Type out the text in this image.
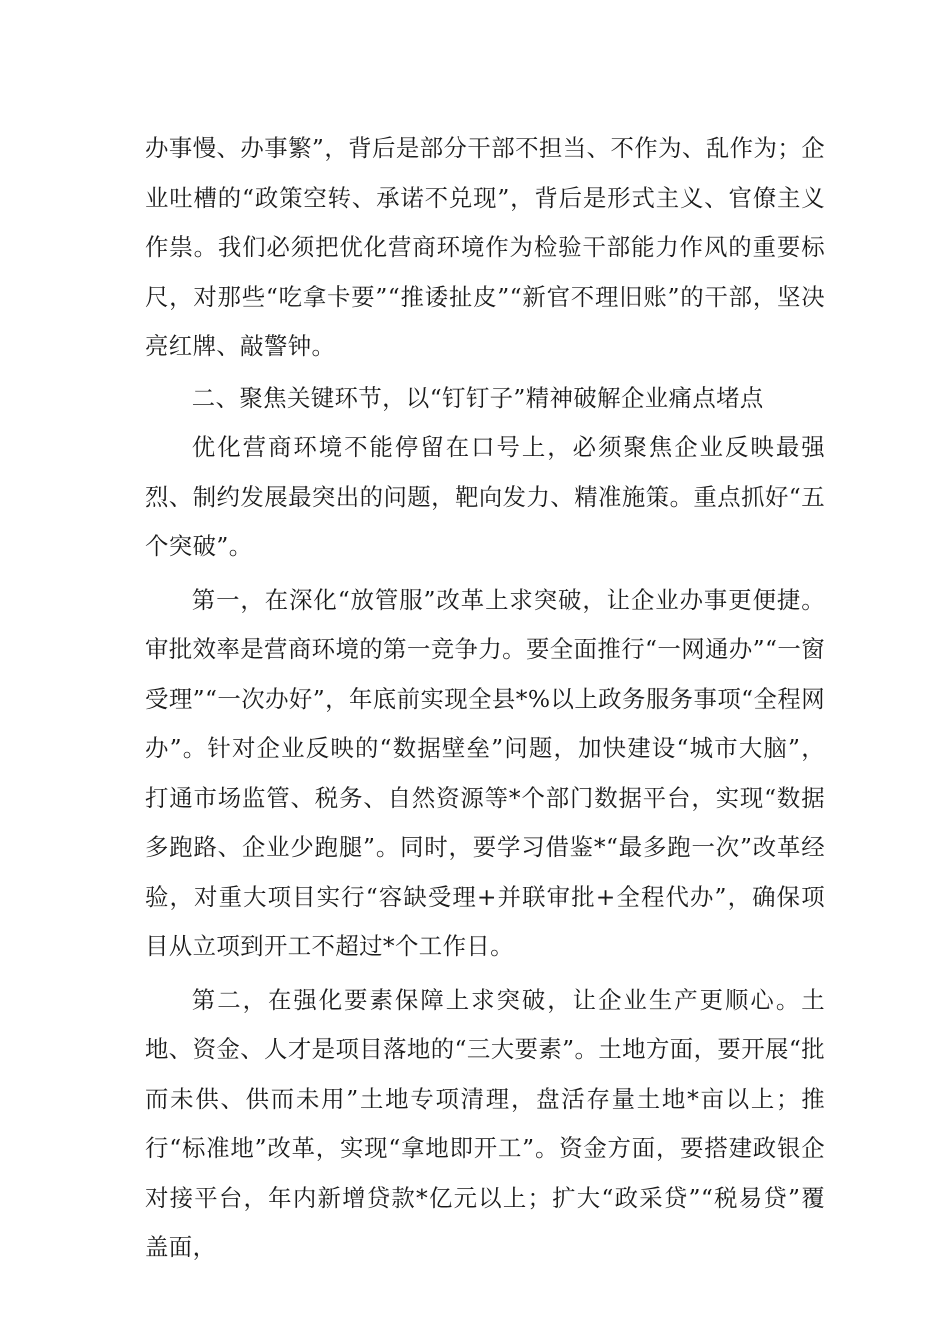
办事慢、办事繁”，背后是部分干部不担当、不作为、乱作为；企业吐槽的“政策空转、承诺不兑现”，背后是形式主义、官僚主义作祟。我们必须把优化营商环境作为检验干部能力作风的重要标尺，对那些“吃拿卡要”“推诿扯皮”“新官不理旧账”的干部，坚决亮红牌、敲警钟。

二、聚焦关键环节，以“钉钉子”精神破解企业痛点堵点

优化营商环境不能停留在口号上，必须聚焦企业反映最强烈、制约发展最突出的问题，靶向发力、精准施策。重点抓好“五个突破”。

第一，在深化“放管服”改革上求突破，让企业办事更便捷。审批效率是营商环境的第一竞争力。要全面推行“一网通办”“一窗受理”“一次办好”，年底前实现全县*%以上政务服务事项“全程网办”。针对企业反映的“数据壁垒”问题，加快建设“城市大脑”，打通市场监管、税务、自然资源等*个部门数据平台，实现“数据多跑路、企业少跑腿”。同时，要学习借鉴*“最多跑一次”改革经验，对重大项目实行“容缺受理+并联审批+全程代办”，确保项目从立项到开工不超过*个工作日。

第二，在强化要素保障上求突破，让企业生产更顺心。土地、资金、人才是项目落地的“三大要素”。土地方面，要开展“批而未供、供而未用”土地专项清理，盘活存量土地*亩以上；推行“标准地”改革，实现“拿地即开工”。资金方面，要搭建政银企对接平台，年内新增贷款*亿元以上；扩大“政采贷”“税易贷”覆盖面，
